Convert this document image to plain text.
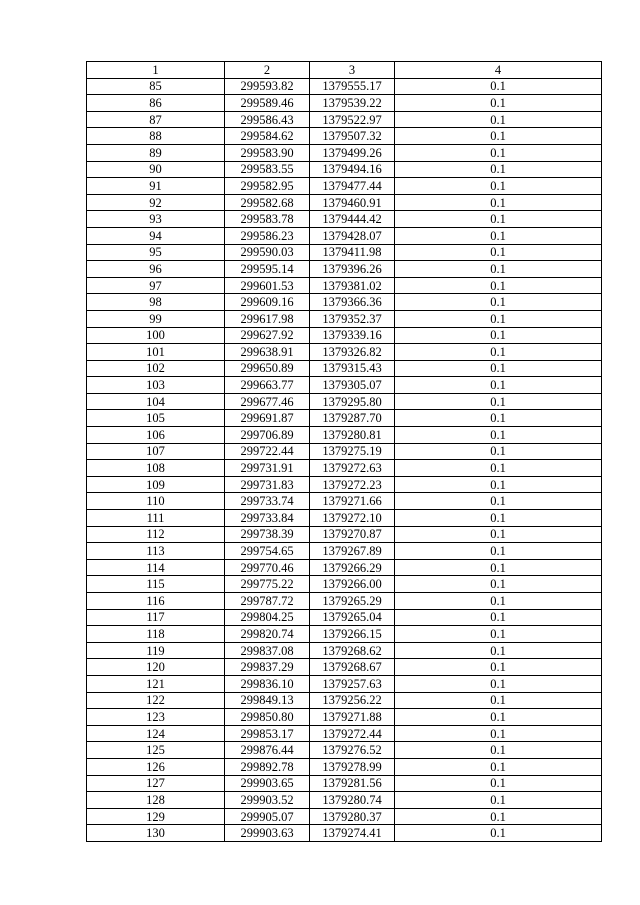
1	2	3	4
85	299593.82	1379555.17	0.1
86	299589.46	1379539.22	0.1
87	299586.43	1379522.97	0.1
88	299584.62	1379507.32	0.1
89	299583.90	1379499.26	0.1
90	299583.55	1379494.16	0.1
91	299582.95	1379477.44	0.1
92	299582.68	1379460.91	0.1
93	299583.78	1379444.42	0.1
94	299586.23	1379428.07	0.1
95	299590.03	1379411.98	0.1
96	299595.14	1379396.26	0.1
97	299601.53	1379381.02	0.1
98	299609.16	1379366.36	0.1
99	299617.98	1379352.37	0.1
100	299627.92	1379339.16	0.1
101	299638.91	1379326.82	0.1
102	299650.89	1379315.43	0.1
103	299663.77	1379305.07	0.1
104	299677.46	1379295.80	0.1
105	299691.87	1379287.70	0.1
106	299706.89	1379280.81	0.1
107	299722.44	1379275.19	0.1
108	299731.91	1379272.63	0.1
109	299731.83	1379272.23	0.1
110	299733.74	1379271.66	0.1
111	299733.84	1379272.10	0.1
112	299738.39	1379270.87	0.1
113	299754.65	1379267.89	0.1
114	299770.46	1379266.29	0.1
115	299775.22	1379266.00	0.1
116	299787.72	1379265.29	0.1
117	299804.25	1379265.04	0.1
118	299820.74	1379266.15	0.1
119	299837.08	1379268.62	0.1
120	299837.29	1379268.67	0.1
121	299836.10	1379257.63	0.1
122	299849.13	1379256.22	0.1
123	299850.80	1379271.88	0.1
124	299853.17	1379272.44	0.1
125	299876.44	1379276.52	0.1
126	299892.78	1379278.99	0.1
127	299903.65	1379281.56	0.1
128	299903.52	1379280.74	0.1
129	299905.07	1379280.37	0.1
130	299903.63	1379274.41	0.1
